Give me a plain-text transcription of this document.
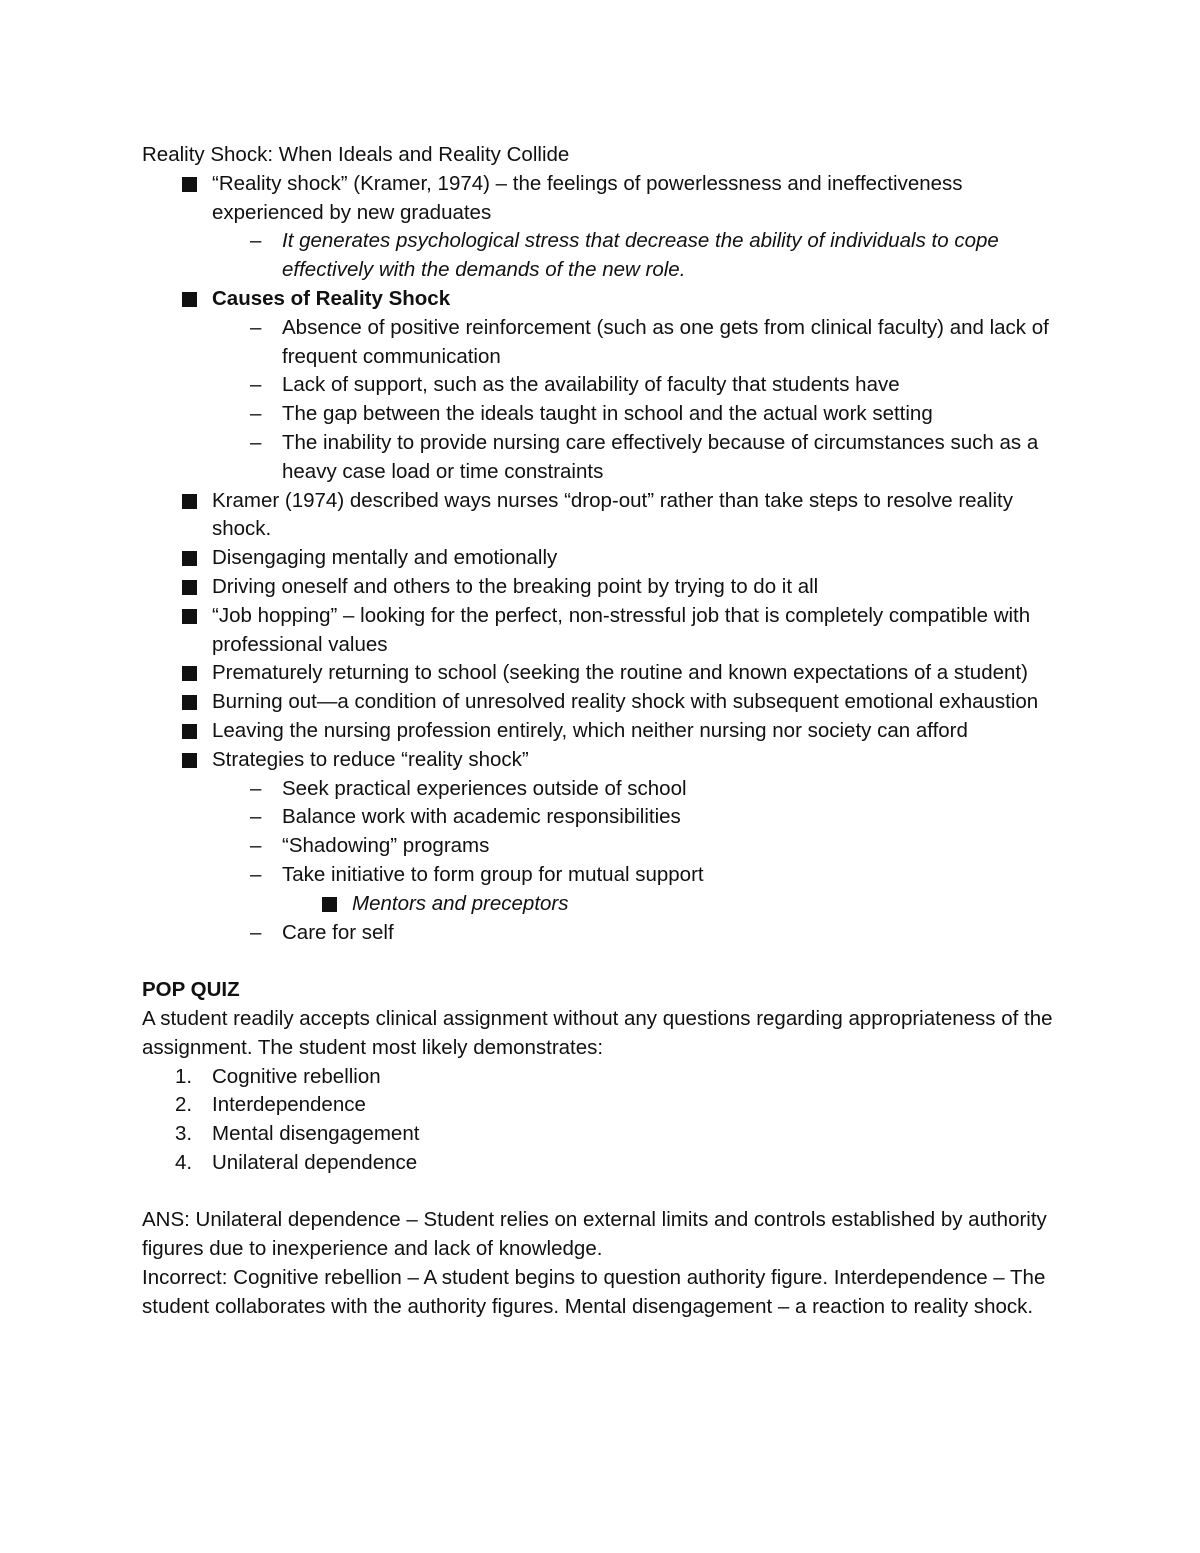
Reality Shock: When Ideals and Reality Collide

“Reality shock” (Kramer, 1974) – the feelings of powerlessness and ineffectiveness experienced by new graduates
– It generates psychological stress that decrease the ability of individuals to cope effectively with the demands of the new role.
Causes of Reality Shock
– Absence of positive reinforcement (such as one gets from clinical faculty) and lack of frequent communication
– Lack of support, such as the availability of faculty that students have
– The gap between the ideals taught in school and the actual work setting
– The inability to provide nursing care effectively because of circumstances such as a heavy case load or time constraints
Kramer (1974) described ways nurses “drop-out” rather than take steps to resolve reality shock.
Disengaging mentally and emotionally
Driving oneself and others to the breaking point by trying to do it all
“Job hopping” – looking for the perfect, non-stressful job that is completely compatible with professional values
Prematurely returning to school (seeking the routine and known expectations of a student)
Burning out—a condition of unresolved reality shock with subsequent emotional exhaustion
Leaving the nursing profession entirely, which neither nursing nor society can afford
Strategies to reduce “reality shock”
– Seek practical experiences outside of school
– Balance work with academic responsibilities
– “Shadowing” programs
– Take initiative to form group for mutual support
Mentors and preceptors
– Care for self
POP QUIZ
A student readily accepts clinical assignment without any questions regarding appropriateness of the assignment. The student most likely demonstrates:
1. Cognitive rebellion
2. Interdependence
3. Mental disengagement
4. Unilateral dependence
ANS: Unilateral dependence – Student relies on external limits and controls established by authority figures due to inexperience and lack of knowledge.
Incorrect: Cognitive rebellion – A student begins to question authority figure. Interdependence – The student collaborates with the authority figures. Mental disengagement – a reaction to reality shock.
